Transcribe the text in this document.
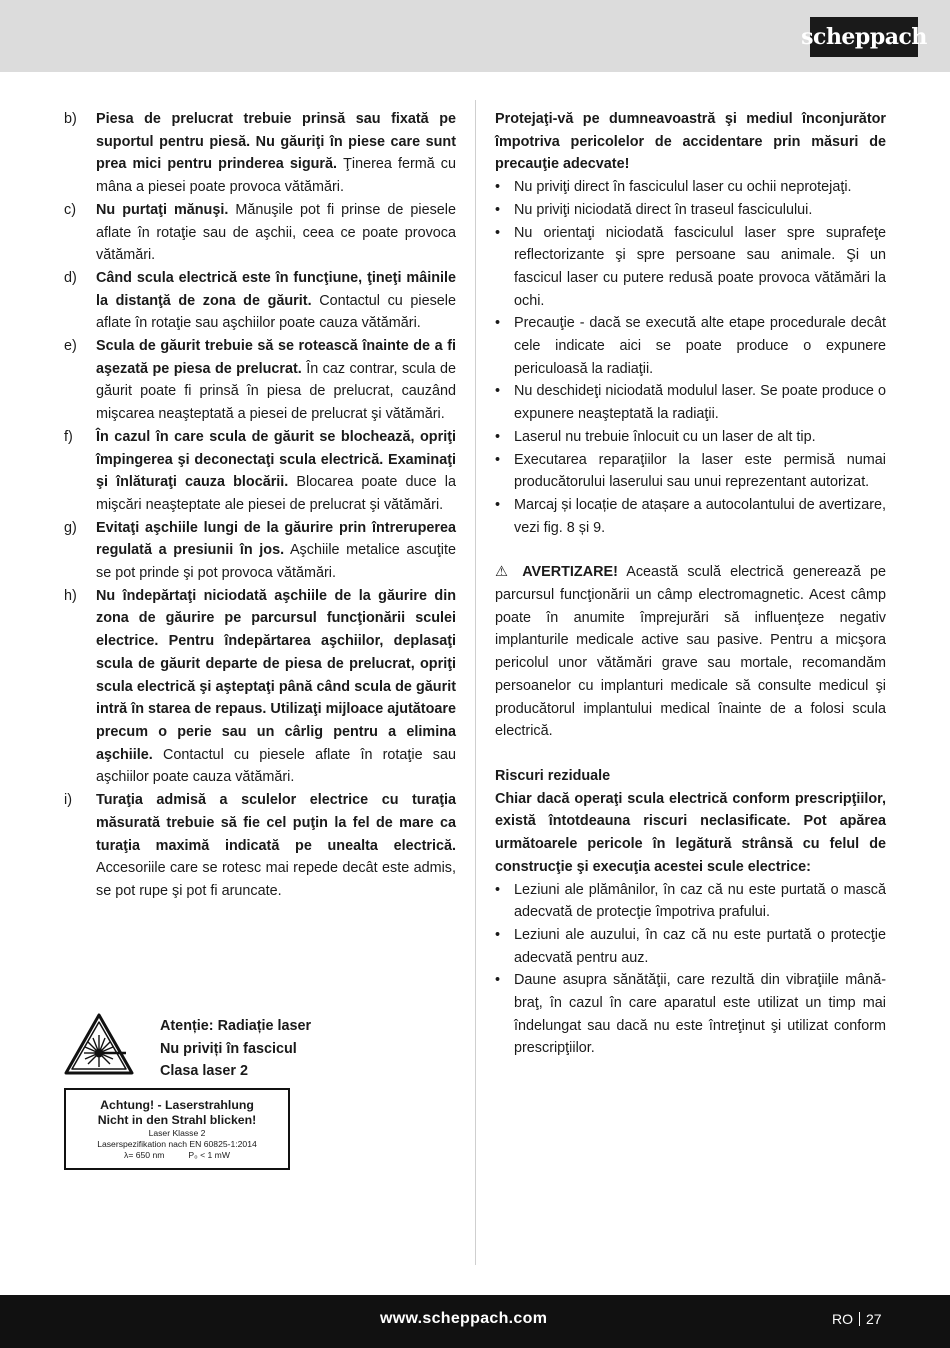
scheppach
b)	Piesa de prelucrat trebuie prinsă sau fixată pe suportul pentru piesă. Nu găuriţi în piese care sunt prea mici pentru prinderea sigură. Ţinerea fermă cu mâna a piesei poate provoca vătămări.
c)	Nu purtaţi mănuşi. Mănuşile pot fi prinse de piesele aflate în rotaţie sau de aşchii, ceea ce poate provoca vătămări.
d)	Când scula electrică este în funcţiune, ţineţi mâinile la distanţă de zona de găurit. Contactul cu piesele aflate în rotaţie sau aşchiilor poate cauza vătămări.
e)	Scula de găurit trebuie să se rotească înainte de a fi aşezată pe piesa de prelucrat. În caz contrar, scula de găurit poate fi prinsă în piesa de prelucrat, cauzând mişcarea neaşteptată a piesei de prelucrat şi vătămări.
f)	În cazul în care scula de găurit se blochează, opriţi împingerea şi deconectaţi scula electrică. Examinaţi şi înlăturaţi cauza blocării. Blocarea poate duce la mişcări neaşteptate ale piesei de prelucrat şi vătămări.
g)	Evitaţi aşchiile lungi de la găurire prin întreruperea regulată a presiunii în jos. Aşchiile metalice ascuţite se pot prinde şi pot provoca vătămări.
h)	Nu îndepărtaţi niciodată aşchiile de la găurire din zona de găurire pe parcursul funcţionării sculei electrice. Pentru îndepărtarea aşchiilor, deplasaţi scula de găurit departe de piesa de prelucrat, opriţi scula electrică şi aşteptaţi până când scula de găurit intră în starea de repaus. Utilizaţi mijloace ajutătoare precum o perie sau un cârlig pentru a elimina aşchiile. Contactul cu piesele aflate în rotaţie sau aşchiilor poate cauza vătămări.
i)	Turaţia admisă a sculelor electrice cu turaţia măsurată trebuie să fie cel puţin la fel de mare ca turaţia maximă indicată pe unealta electrică. Accesoriile care se rotesc mai repede decât este admis, se pot rupe şi pot fi aruncate.
Atenție: Radiație laser
Nu priviți în fascicul
Clasa laser 2
Achtung! - Laserstrahlung
Nicht in den Strahl blicken!
Laser Klasse 2
Laserspezifikation nach EN 60825-1:2014
λ= 650 nm	P₀ < 1 mW
Protejaţi-vă pe dumneavoastră şi mediul înconjurător împotriva pericolelor de accidentare prin măsuri de precauţie adecvate!
• Nu priviţi direct în fasciculul laser cu ochii neprotejaţi.
• Nu priviţi niciodată direct în traseul fasciculului.
• Nu orientaţi niciodată fasciculul laser spre suprafeţe reflectorizante şi spre persoane sau animale. Şi un fascicul laser cu putere redusă poate provoca vătămări la ochi.
• Precauţie - dacă se execută alte etape procedurale decât cele indicate aici se poate produce o expunere periculoasă la radiaţii.
• Nu deschideţi niciodată modulul laser. Se poate produce o expunere neaşteptată la radiaţii.
• Laserul nu trebuie înlocuit cu un laser de alt tip.
• Executarea reparaţiilor la laser este permisă numai producătorului laserului sau unui reprezentant autorizat.
• Marcaj și locație de atașare a autocolantului de avertizare, vezi fig. 8 și 9.
⚠ AVERTIZARE! Această sculă electrică generează pe parcursul funcţionării un câmp electromagnetic. Acest câmp poate în anumite împrejurări să influenţeze negativ implanturile medicale active sau pasive. Pentru a micşora pericolul unor vătămări grave sau mortale, recomandăm persoanelor cu implanturi medicale să consulte medicul şi producătorul implantului medical înainte de a folosi scula electrică.
Riscuri reziduale
Chiar dacă operaţi scula electrică conform prescripţiilor, există întotdeauna riscuri neclasificate. Pot apărea următoarele pericole în legătură strânsă cu felul de construcţie şi execuţia acestei scule electrice:
• Leziuni ale plămânilor, în caz că nu este purtată o mască adecvată de protecţie împotriva prafului.
• Leziuni ale auzului, în caz că nu este purtată o protecţie adecvată pentru auz.
• Daune asupra sănătăţii, care rezultă din vibraţiile mână-braţ, în cazul în care aparatul este utilizat un timp mai îndelungat sau dacă nu este întreţinut şi utilizat conform prescripţiilor.
www.scheppach.com	RO 27
